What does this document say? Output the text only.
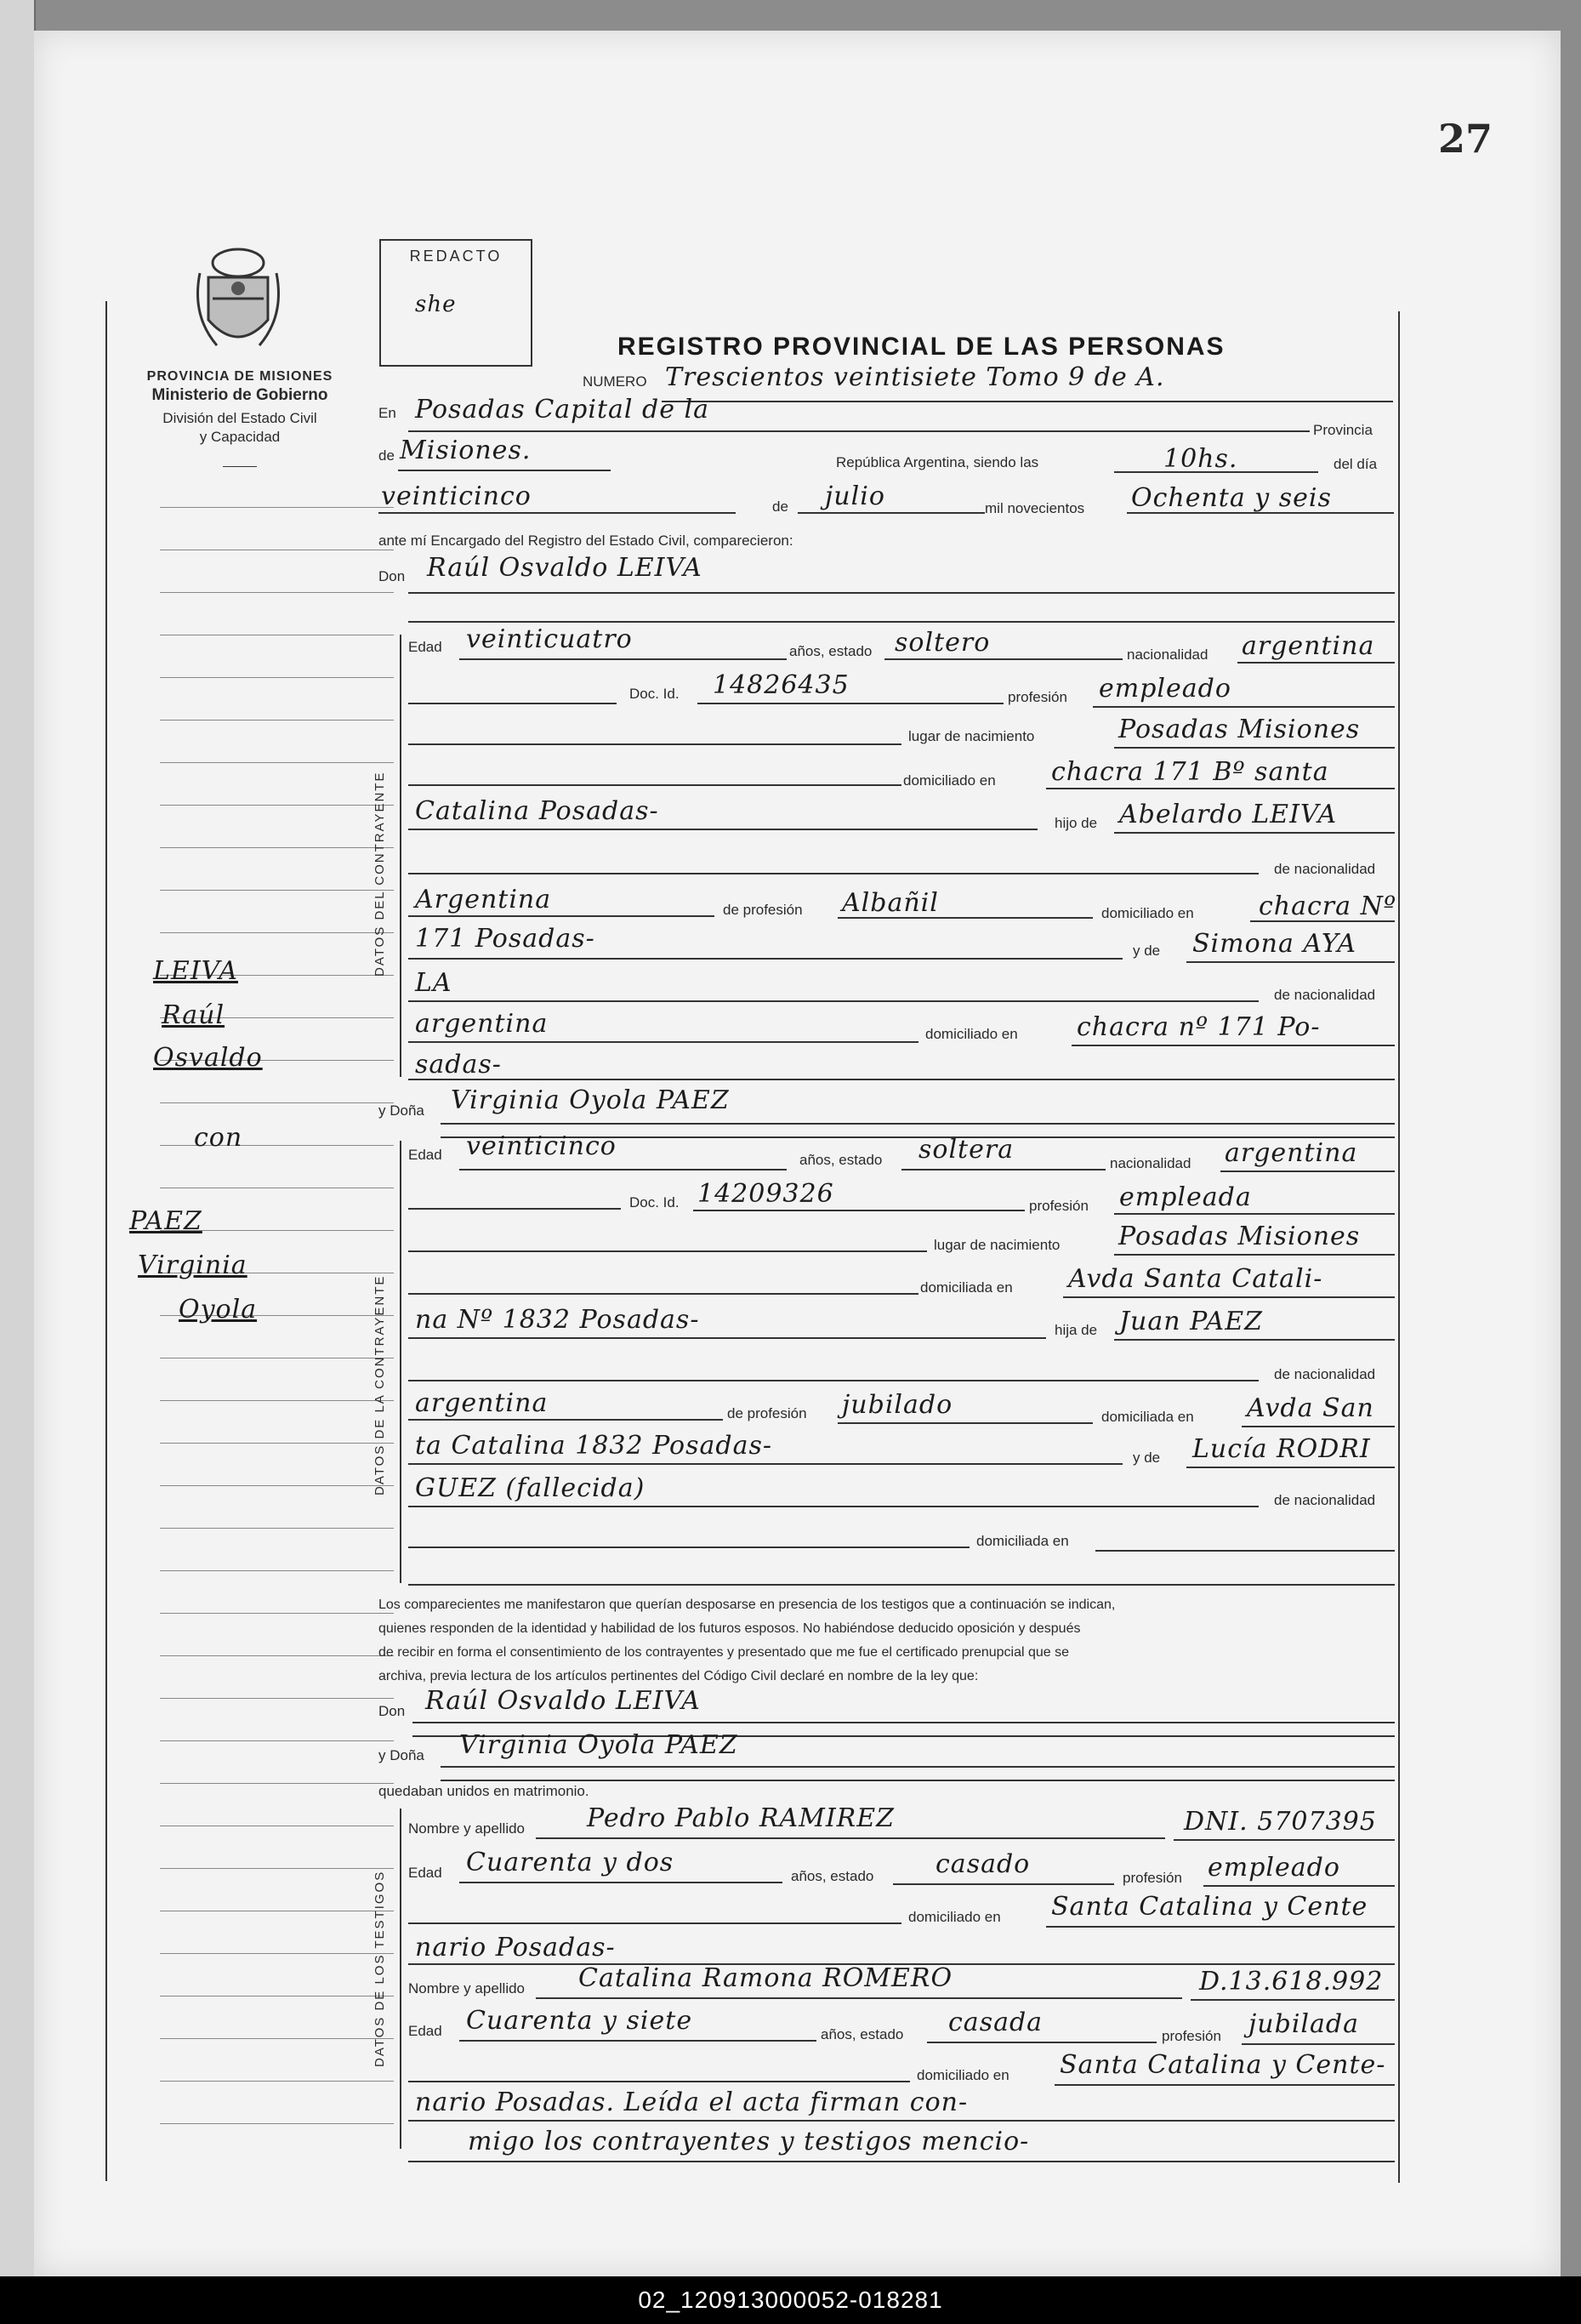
27
PROVINCIA DE MISIONES
Ministerio de Gobierno
División del Estado Civil
y Capacidad
REDACTO
she
REGISTRO PROVINCIAL DE LAS PERSONAS
LEIVA
Raúl
Osvaldo
con
PAEZ
Virginia
Oyola
NUMERO Trescientos veintisiete Tomo 9 de A.
En Posadas Capital de la
Provincia
de Misiones.	República Argentina, siendo las	10hs.	del día
veinticinco	de julio	mil novecientos Ochenta y seis
ante mí Encargado del Registro del Estado Civil, comparecieron:
Don Raúl Osvaldo LEIVA
DATOS DEL CONTRAYENTE
Edad veinticuatro	años, estado soltero	nacionalidad argentina
Doc. Id. 14826435	profesión empleado
lugar de nacimiento	Posadas Misiones
domiciliado en chacra 171 Bº santa
Catalina Posadas-	hijo de Abelardo LEIVA
de nacionalidad
Argentina	de profesión Albañil	domiciliado en	chacra Nº
171 Posadas-	y de Simona AYA
LA	de nacionalidad
argentina	domiciliado en chacra nº 171 Po-
sadas-
y Doña Virginia Oyola PAEZ
DATOS DE LA CONTRAYENTE
Edad veinticinco	años, estado soltera	nacionalidad argentina
Doc. Id. 14209326	profesión empleada
lugar de nacimiento Posadas Misiones
domiciliada en Avda Santa Catali-
na Nº 1832 Posadas-	hija de Juan PAEZ
de nacionalidad
argentina	de profesión jubilado	domiciliada en Avda San
ta Catalina 1832 Posadas-	y de Lucía RODRI
GUEZ (fallecida)	de nacionalidad
domiciliada en
Los comparecientes me manifestaron que querían desposarse en presencia de los testigos que a continuación se indican,
quienes responden de la identidad y habilidad de los futuros esposos. No habiéndose deducido oposición y después
de recibir en forma el consentimiento de los contrayentes y presentado que me fue el certificado prenupcial que se
archiva, previa lectura de los artículos pertinentes del Código Civil declaré en nombre de la ley que:
Don Raúl Osvaldo LEIVA
y Doña Virginia Oyola PAEZ
quedaban unidos en matrimonio.
DATOS DE LOS TESTIGOS
Nombre y apellido Pedro Pablo RAMIREZ	DNI. 5707395
Edad Cuarenta y dos	años, estado casado	profesión empleado
domiciliado en Santa Catalina y Cente
nario Posadas-
Nombre y apellido Catalina Ramona ROMERO	D.13.618.992
Edad Cuarenta y siete	años, estado casada	profesión jubilada
domiciliado en Santa Catalina y Cente-
nario Posadas. Leída el acta firman con-
migo los contrayentes y testigos mencio-
02_120913000052-018281
